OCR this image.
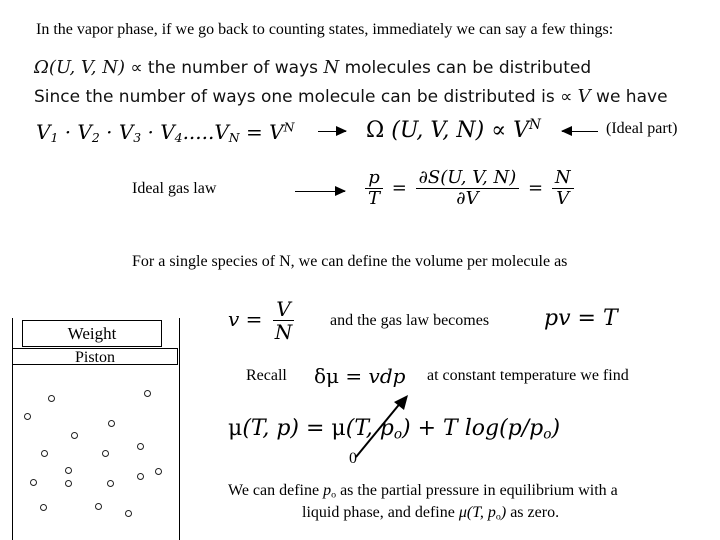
In the vapor phase, if we go back to counting states, immediately we can say a few things:
Ω(U, V, N) ∝ the number of ways N molecules can be distributed
Since the number of ways one molecule can be distributed is ∝ V we have
$V_1 \cdot V_2 \cdot V_3 \cdot V_4.....V_N = V^N$	Ω (U, V, $N) \propto V^N$	(Ideal part)
Ideal gas law	$\frac{p}{T} = \frac{\partial S(U, V, N)}{\partial V} = \frac{N}{V}$
For a single species of N, we can define the volume per molecule as
$v = \frac{V}{N}$ and the gas law becomes pv = T
Recall δμ = vdp at constant temperature we find
μ(T, p) = μ(T, $p_o) + T$ $\log(p/p_o)$
0
We can define $p_o$ as the partial pressure in equilibrium with a
liquid phase, and define μ(T, $p_o$) as zero.
Weight
Piston
